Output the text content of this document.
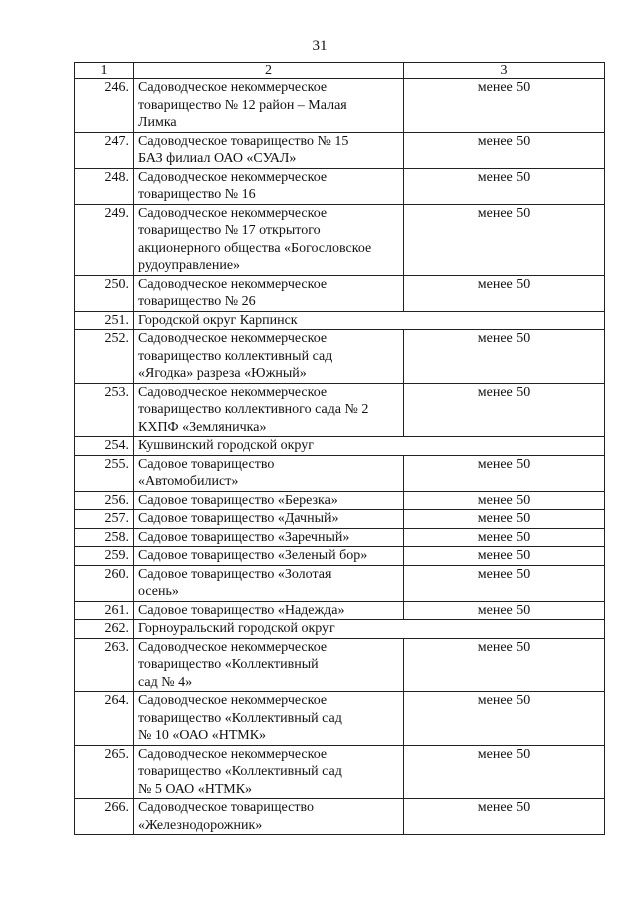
31
1	2	3
246.	Садоводческое некоммерческое
товарищество № 12 район – Малая
Лимка	менее 50
247.	Садоводческое товарищество № 15
БАЗ филиал ОАО «СУАЛ»	менее 50
248.	Садоводческое некоммерческое
товарищество № 16	менее 50
249.	Садоводческое некоммерческое
товарищество № 17 открытого
акционерного общества «Богословское
рудоуправление»	менее 50
250.	Садоводческое некоммерческое
товарищество № 26	менее 50
251.	Городской округ Карпинск	

252.	Садоводческое некоммерческое
товарищество коллективный сад
«Ягодка» разреза «Южный»	менее 50
253.	Садоводческое некоммерческое
товарищество коллективного сада № 2
КХПФ «Земляничка»	менее 50
254.	Кушвинский городской округ	

255.	Садовое товарищество
«Автомобилист»	менее 50
256.	Садовое товарищество «Березка»	менее 50
257.	Садовое товарищество «Дачный»	менее 50
258.	Садовое товарищество «Заречный»	менее 50
259.	Садовое товарищество «Зеленый бор»	менее 50
260.	Садовое товарищество «Золотая
осень»	менее 50
261.	Садовое товарищество «Надежда»	менее 50
262.	Горноуральский городской округ	

263.	Садоводческое некоммерческое
товарищество «Коллективный
сад № 4»	менее 50
264.	Садоводческое некоммерческое
товарищество «Коллективный сад
№ 10 «ОАО «НТМК»	менее 50
265.	Садоводческое некоммерческое
товарищество «Коллективный сад
№ 5 ОАО «НТМК»	менее 50
266.	Садоводческое товарищество
«Железнодорожник»	менее 50
